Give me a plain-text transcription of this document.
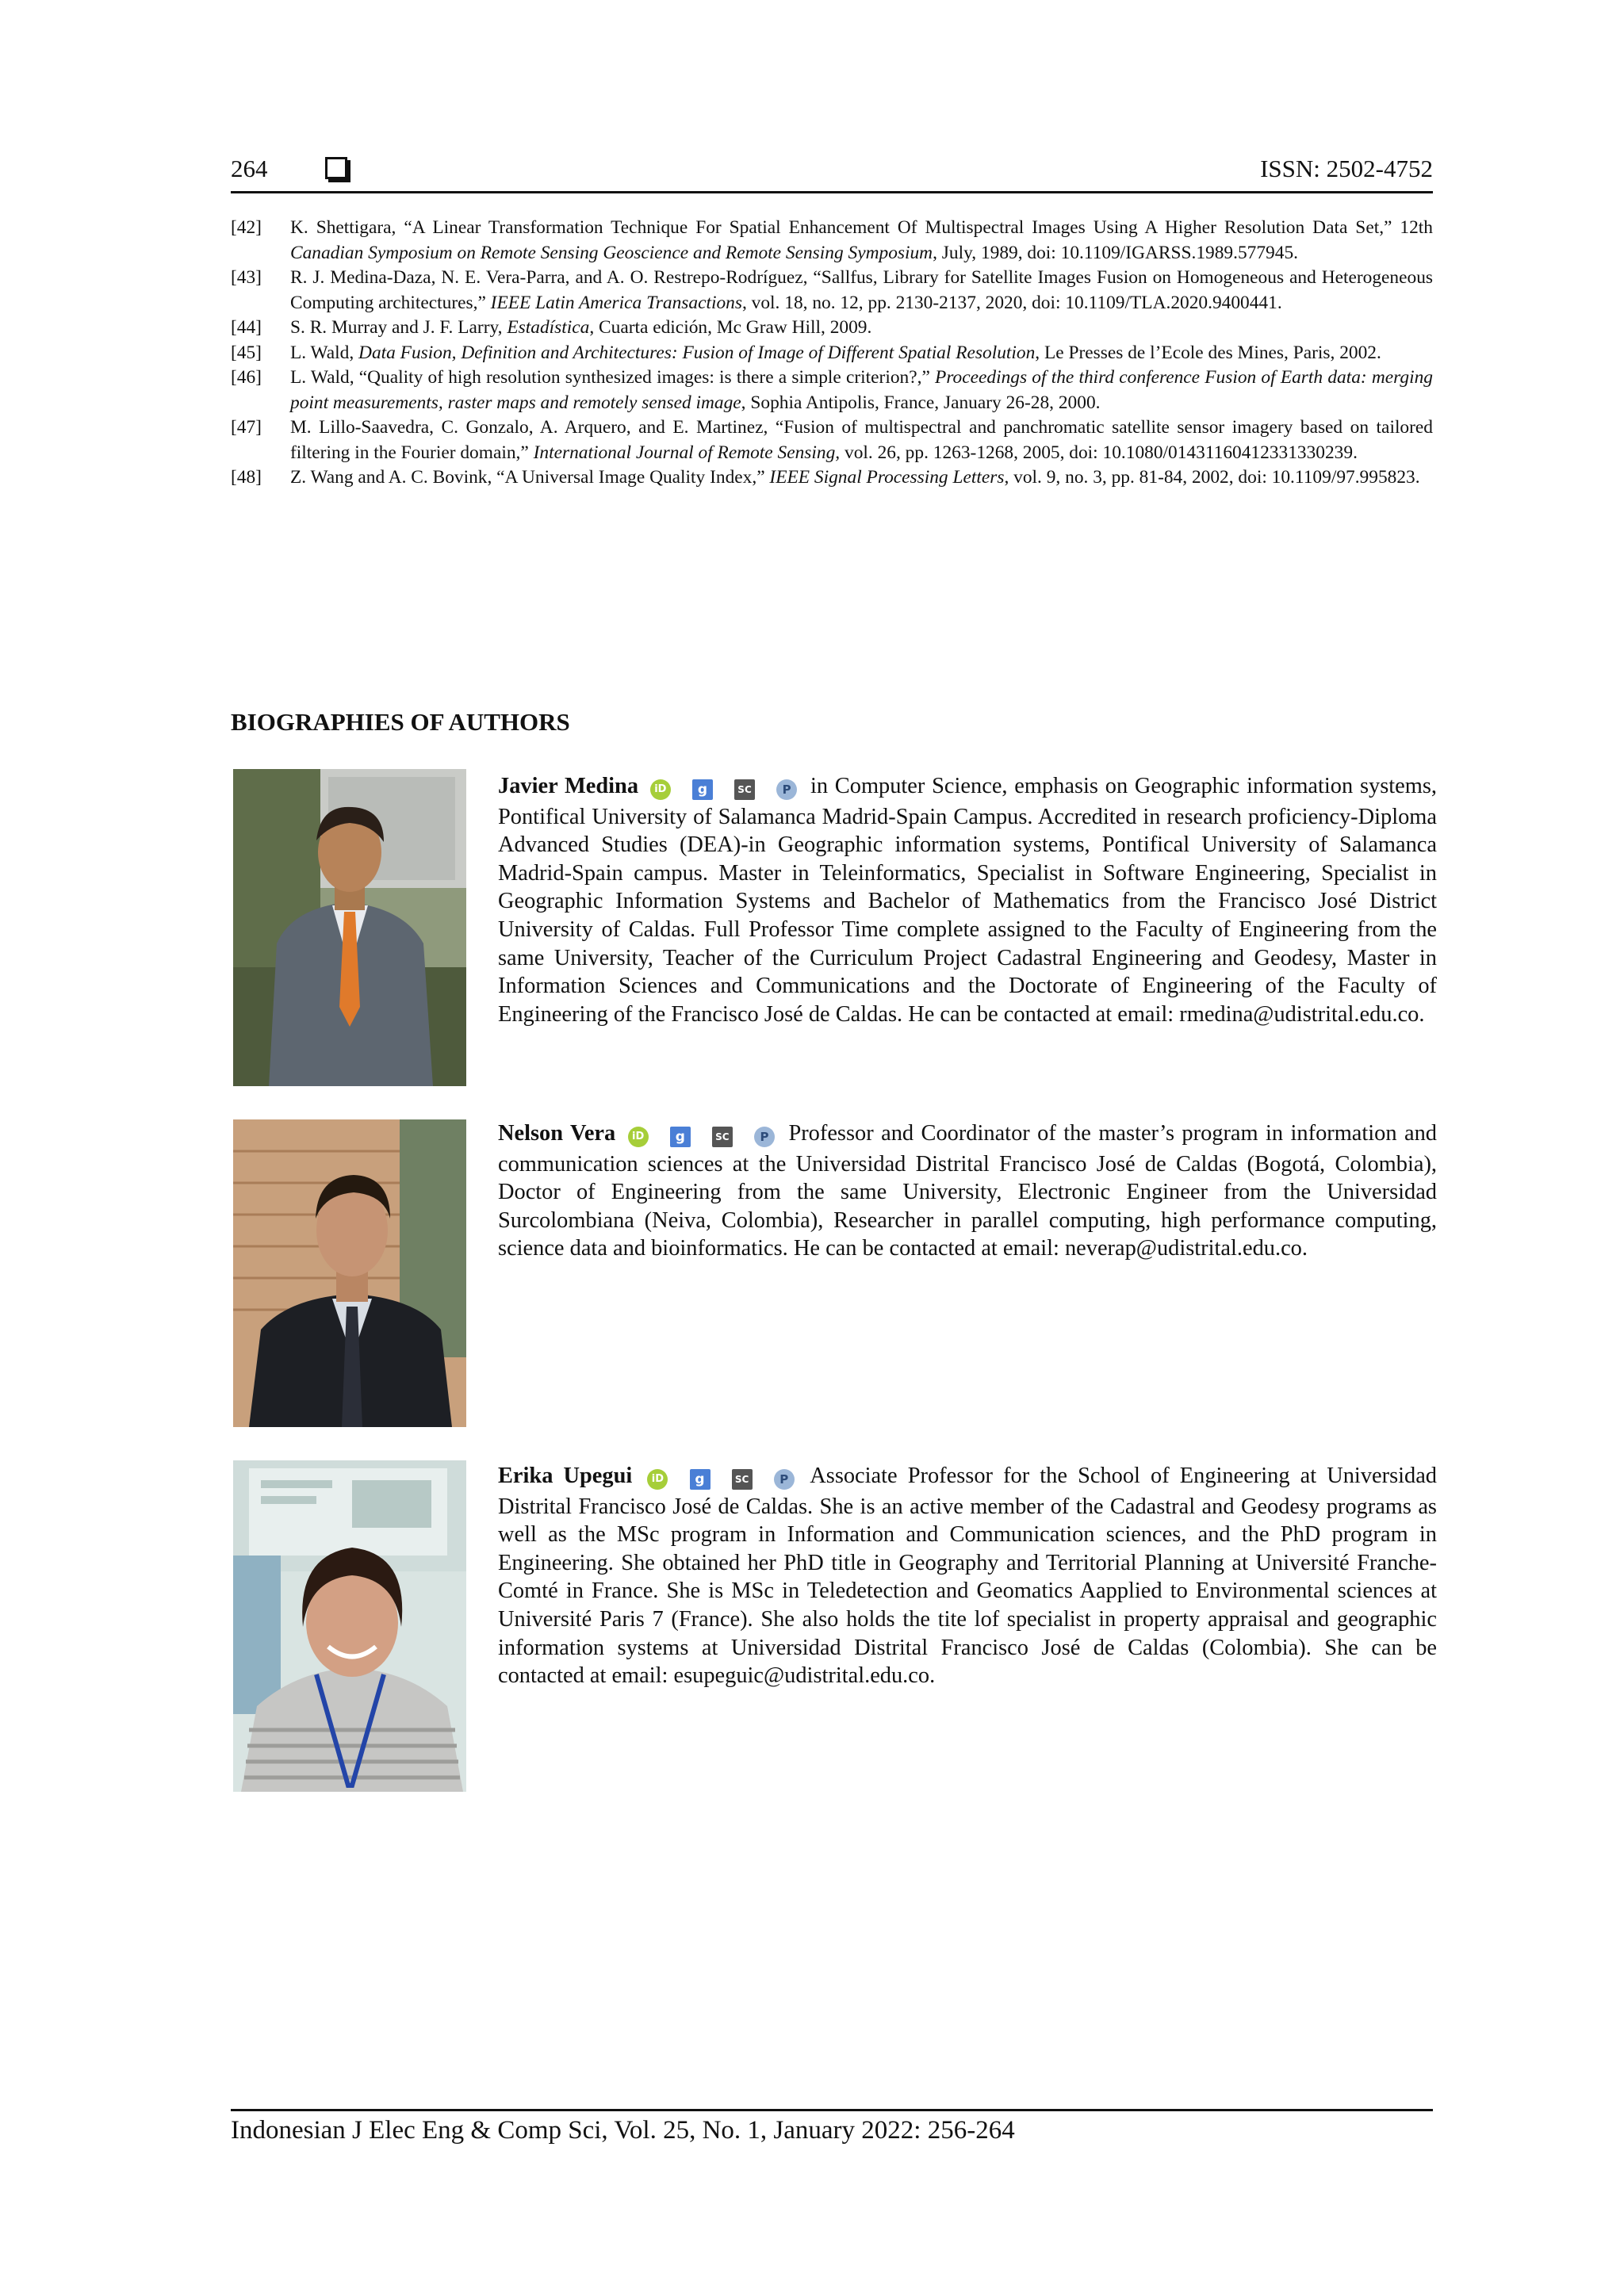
264	ISSN: 2502-4752
[42]	K. Shettigara, “A Linear Transformation Technique For Spatial Enhancement Of Multispectral Images Using A Higher Resolution Data Set,” 12th Canadian Symposium on Remote Sensing Geoscience and Remote Sensing Symposium, July, 1989, doi: 10.1109/IGARSS.1989.577945.
[43]	R. J. Medina-Daza, N. E. Vera-Parra, and A. O. Restrepo-Rodríguez, “Sallfus, Library for Satellite Images Fusion on Homogeneous and Heterogeneous Computing architectures,” IEEE Latin America Transactions, vol. 18, no. 12, pp. 2130-2137, 2020, doi: 10.1109/TLA.2020.9400441.
[44]	S. R. Murray and J. F. Larry, Estadística, Cuarta edición, Mc Graw Hill, 2009.
[45]	L. Wald, Data Fusion, Definition and Architectures: Fusion of Image of Different Spatial Resolution, Le Presses de l’Ecole des Mines, Paris, 2002.
[46]	L. Wald, “Quality of high resolution synthesized images: is there a simple criterion?,” Proceedings of the third conference Fusion of Earth data: merging point measurements, raster maps and remotely sensed image, Sophia Antipolis, France, January 26-28, 2000.
[47]	M. Lillo-Saavedra, C. Gonzalo, A. Arquero, and E. Martinez, “Fusion of multispectral and panchromatic satellite sensor imagery based on tailored filtering in the Fourier domain,” International Journal of Remote Sensing, vol. 26, pp. 1263-1268, 2005, doi: 10.1080/01431160412331330239.
[48]	Z. Wang and A. C. Bovink, “A Universal Image Quality Index,” IEEE Signal Processing Letters, vol. 9, no. 3, pp. 81-84, 2002, doi: 10.1109/97.995823.
BIOGRAPHIES OF AUTHORS
Javier Medina iD g	SC	P in Computer Science, emphasis on Geographic information systems, Pontifical University of Salamanca Madrid-Spain Campus. Accredited in research proficiency-Diploma Advanced Studies (DEA)-in Geographic information systems, Pontifical University of Salamanca Madrid-Spain campus. Master in Teleinformatics, Specialist in Software Engineering, Specialist in Geographic Information Systems and Bachelor of Mathematics from the Francisco José District University of Caldas. Full Professor Time complete assigned to the Faculty of Engineering from the same University, Teacher of the Curriculum Project Cadastral Engineering and Geodesy, Master in Information Sciences and Communications and the Doctorate of Engineering of the Faculty of Engineering of the Francisco José de Caldas. He can be contacted at email: rmedina@udistrital.edu.co.
Nelson Vera iD g	SC	P Professor and Coordinator of the master’s program in information and communication sciences at the Universidad Distrital Francisco José de Caldas (Bogotá, Colombia), Doctor of Engineering from the same University, Electronic Engineer from the Universidad Surcolombiana (Neiva, Colombia), Researcher in parallel computing, high performance computing, science data and bioinformatics. He can be contacted at email: neverap@udistrital.edu.co.
Erika Upegui iD g	SC	P Associate Professor for the School of Engineering at Universidad Distrital Francisco José de Caldas. She is an active member of the Cadastral and Geodesy programs as well as the MSc program in Information and Communication sciences, and the PhD program in Engineering. She obtained her PhD title in Geography and Territorial Planning at Université Franche-Comté in France. She is MSc in Teledetection and Geomatics Aapplied to Environmental sciences at Université Paris 7 (France). She also holds the tite lof specialist in property appraisal and geographic information systems at Universidad Distrital Francisco José de Caldas (Colombia). She can be contacted at email: esupeguic@udistrital.edu.co.
Indonesian J Elec Eng & Comp Sci, Vol. 25, No. 1, January 2022: 256-264
